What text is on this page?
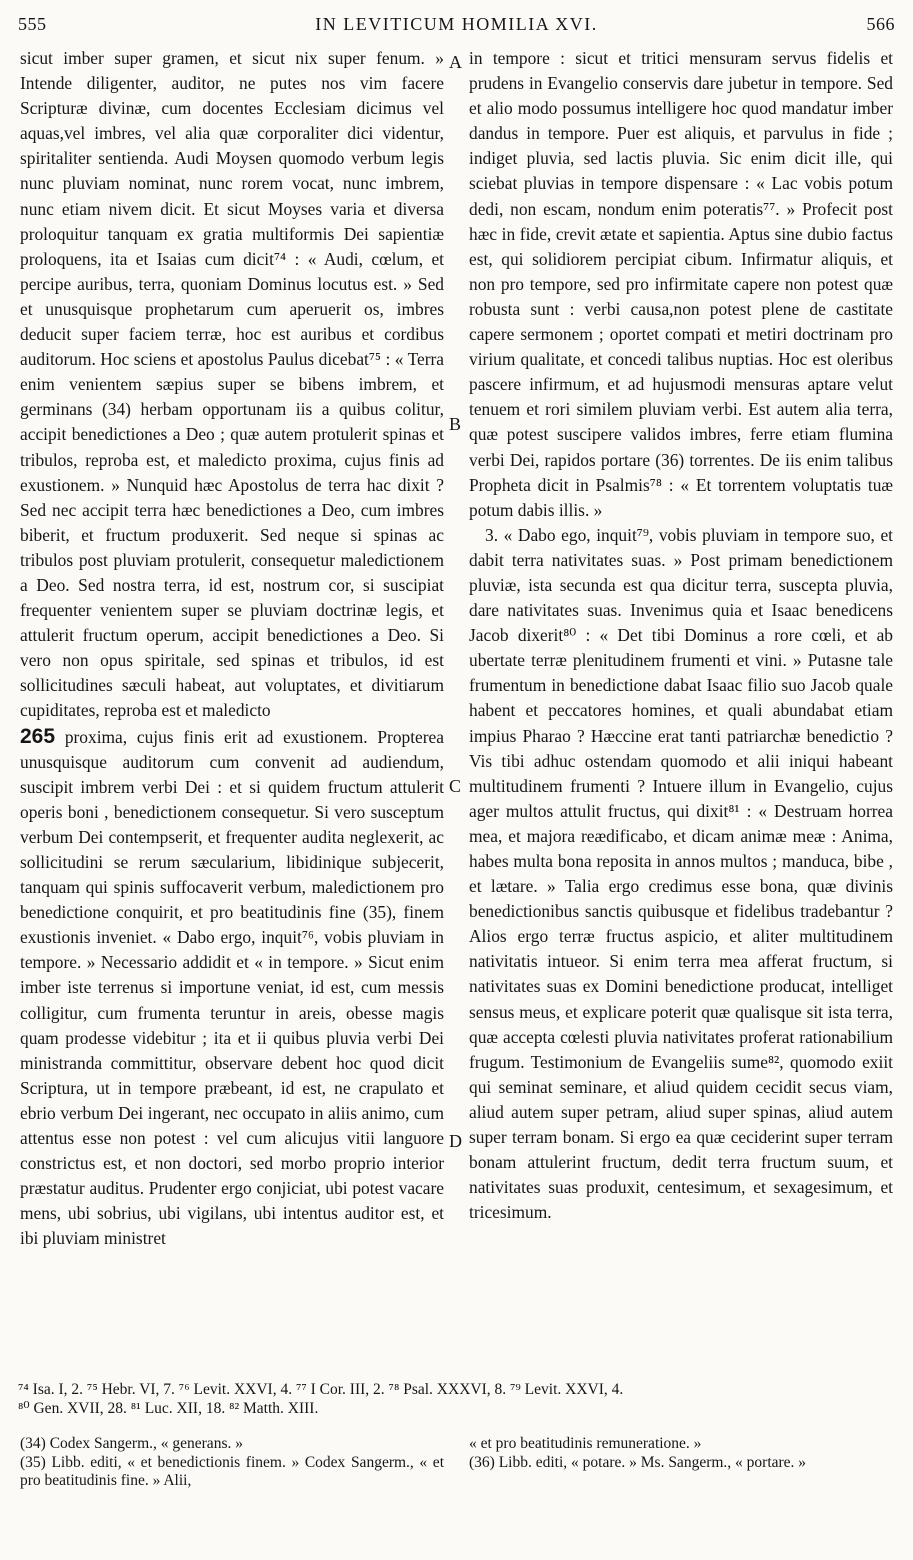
555	IN LEVITICUM HOMILIA XVI.	566

sicut imber super gramen, et sicut nix super fenum. » Intende diligenter, auditor, ne putes nos vim facere Scripturæ divinæ, cum docentes Ecclesiam dicimus vel aquas,vel imbres, vel alia quæ corporaliter dici videntur, spiritaliter sentienda. Audi Moysen quomodo verbum legis nunc pluviam nominat, nunc rorem vocat, nunc imbrem, nunc etiam nivem dicit. Et sicut Moyses varia et diversa proloquitur tanquam ex gratia multiformis Dei sapientiæ proloquens, ita et Isaias cum dicit⁷⁴ : « Audi, cœlum, et percipe auribus, terra, quoniam Dominus locutus est. » Sed et unusquisque prophetarum cum aperuerit os, imbres deducit super faciem terræ, hoc est auribus et cordibus auditorum. Hoc sciens et apostolus Paulus dicebat⁷⁵ : « Terra enim venientem sæpius super se bibens imbrem, et germinans (34) herbam opportunam iis a quibus colitur, accipit benedictiones a Deo ; quæ autem protulerit spinas et tribulos, reproba est, et maledicto proxima, cujus finis ad exustionem. » Nunquid hæc Apostolus de terra hac dixit ? Sed nec accipit terra hæc benedictiones a Deo, cum imbres biberit, et fructum produxerit. Sed neque si spinas ac tribulos post pluviam protulerit, consequetur maledictionem a Deo. Sed nostra terra, id est, nostrum cor, si suscipiat frequenter venientem super se pluviam doctrinæ legis, et attulerit fructum operum, accipit benedictiones a Deo. Si vero non opus spiritale, sed spinas et tribulos, id est sollicitudines sæculi habeat, aut voluptates, et divitiarum cupiditates, reproba est et maledicto

265 proxima, cujus finis erit ad exustionem. Propterea unusquisque auditorum cum convenit ad audiendum, suscipit imbrem verbi Dei : et si quidem fructum attulerit operis boni , benedictionem consequetur. Si vero susceptum verbum Dei contempserit, et frequenter audita neglexerit, ac sollicitudini se rerum sæcularium, libidinique subjecerit, tanquam qui spinis suffocaverit verbum, maledictionem pro benedictione conquirit, et pro beatitudinis fine (35), finem exustionis inveniet. « Dabo ergo, inquit⁷⁶, vobis pluviam in tempore. » Necessario addidit et « in tempore. » Sicut enim imber iste terrenus si importune veniat, id est, cum messis colligitur, cum frumenta teruntur in areis, obesse magis quam prodesse videbitur ; ita et ii quibus pluvia verbi Dei ministranda committitur, observare debent hoc quod dicit Scriptura, ut in tempore præbeant, id est, ne crapulato et ebrio verbum Dei ingerant, nec occupato in aliis animo, cum attentus esse non potest : vel cum alicujus vitii languore constrictus est, et non doctori, sed morbo proprio interior præstatur auditus. Prudenter ergo conjiciat, ubi potest vacare mens, ubi sobrius, ubi vigilans, ubi intentus auditor est, et ibi pluviam ministret

A
B
C
D

in tempore : sicut et tritici mensuram servus fidelis et prudens in Evangelio conservis dare jubetur in tempore. Sed et alio modo possumus intelligere hoc quod mandatur imber dandus in tempore. Puer est aliquis, et parvulus in fide ; indiget pluvia, sed lactis pluvia. Sic enim dicit ille, qui sciebat pluvias in tempore dispensare : « Lac vobis potum dedi, non escam, nondum enim poteratis⁷⁷. » Profecit post hæc in fide, crevit ætate et sapientia. Aptus sine dubio factus est, qui solidiorem percipiat cibum. Infirmatur aliquis, et non pro tempore, sed pro infirmitate capere non potest quæ robusta sunt : verbi causa,non potest plene de castitate capere sermonem ; oportet compati et metiri doctrinam pro virium qualitate, et concedi talibus nuptias. Hoc est oleribus pascere infirmum, et ad hujusmodi mensuras aptare velut tenuem et rori similem pluviam verbi. Est autem alia terra, quæ potest suscipere validos imbres, ferre etiam flumina verbi Dei, rapidos portare (36) torrentes. De iis enim talibus Propheta dicit in Psalmis⁷⁸ : « Et torrentem voluptatis tuæ potum dabis illis. »

3. « Dabo ego, inquit⁷⁹, vobis pluviam in tempore suo, et dabit terra nativitates suas. » Post primam benedictionem pluviæ, ista secunda est qua dicitur terra, suscepta pluvia, dare nativitates suas. Invenimus quia et Isaac benedicens Jacob dixerit⁸⁰ : « Det tibi Dominus a rore cœli, et ab ubertate terræ plenitudinem frumenti et vini. » Putasne tale frumentum in benedictione dabat Isaac filio suo Jacob quale habent et peccatores homines, et quali abundabat etiam impius Pharao ? Hæccine erat tanti patriarchæ benedictio ? Vis tibi adhuc ostendam quomodo et alii iniqui habeant multitudinem frumenti ? Intuere illum in Evangelio, cujus ager multos attulit fructus, qui dixit⁸¹ : « Destruam horrea mea, et majora reædificabo, et dicam animæ meæ : Anima, habes multa bona reposita in annos multos ; manduca, bibe , et lætare. » Talia ergo credimus esse bona, quæ divinis benedictionibus sanctis quibusque et fidelibus tradebantur ? Alios ergo terræ fructus aspicio, et aliter multitudinem nativitatis intueor. Si enim terra mea afferat fructum, si nativitates suas ex Domini benedictione producat, intelliget sensus meus, et explicare poterit quæ qualisque sit ista terra, quæ accepta cœlesti pluvia nativitates proferat rationabilium frugum. Testimonium de Evangeliis sume⁸², quomodo exiit qui seminat seminare, et aliud quidem cecidit secus viam, aliud autem super petram, aliud super spinas, aliud autem super terram bonam. Si ergo ea quæ ceciderint super terram bonam attulerint fructum, dedit terra fructum suum, et nativitates suas produxit, centesimum, et sexagesimum, et tricesimum.

⁷⁴ Isa. I, 2. ⁷⁵ Hebr. VI, 7. ⁷⁶ Levit. XXVI, 4. ⁷⁷ I Cor. III, 2. ⁷⁸ Psal. XXXVI, 8. ⁷⁹ Levit. XXVI, 4.
⁸⁰ Gen. XVII, 28. ⁸¹ Luc. XII, 18. ⁸² Matth. XIII.

(34) Codex Sangerm., « generans. »

(35) Libb. editi, « et benedictionis finem. » Codex Sangerm., « et pro beatitudinis fine. » Alii,

« et pro beatitudinis remuneratione. »

(36) Libb. editi, « potare. » Ms. Sangerm., « portare. »
